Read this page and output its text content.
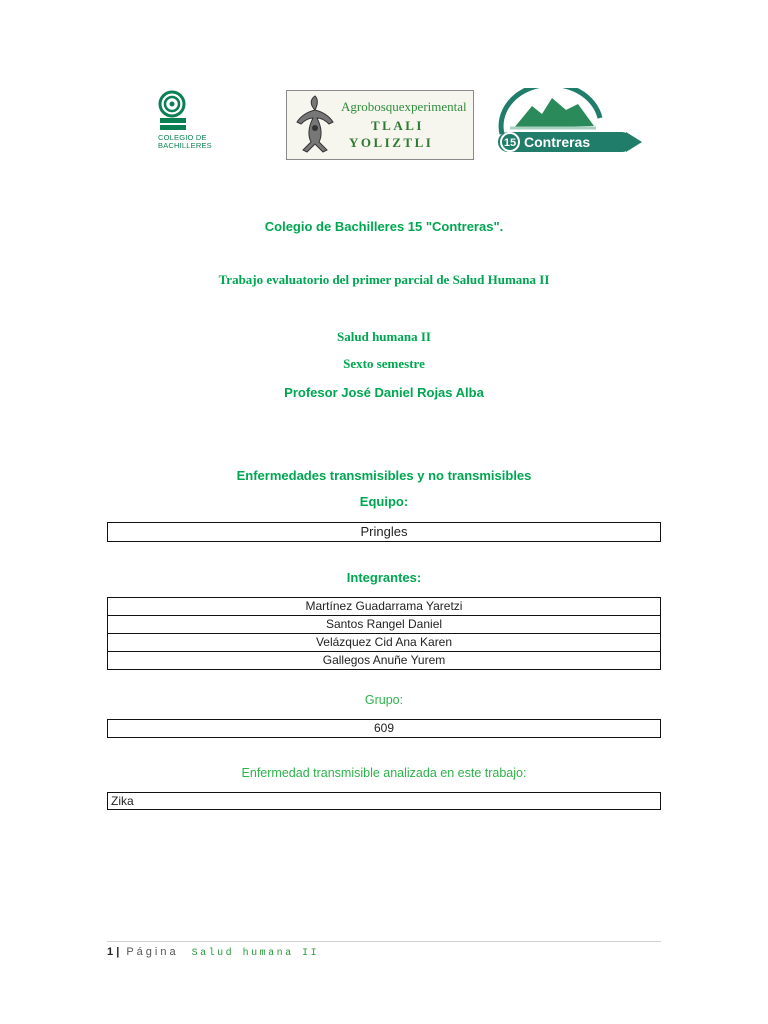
COLEGIO DE
BACHILLERES
Agrobosquexperimental
TLALI
YOLIZTLI	15 Contreras
Colegio de Bachilleres 15 "Contreras".
Trabajo evaluatorio del primer parcial de Salud Humana II
Salud humana II
Sexto semestre
Profesor José Daniel Rojas Alba
Enfermedades transmisibles y no transmisibles
Equipo:
Pringles
Integrantes:
Martínez Guadarrama Yaretzi
Santos Rangel Daniel
Velázquez Cid Ana Karen
Gallegos Anuñe Yurem
Grupo:
609
Enfermedad transmisible analizada en este trabajo:
Zika
1 | Página Salud humana II
